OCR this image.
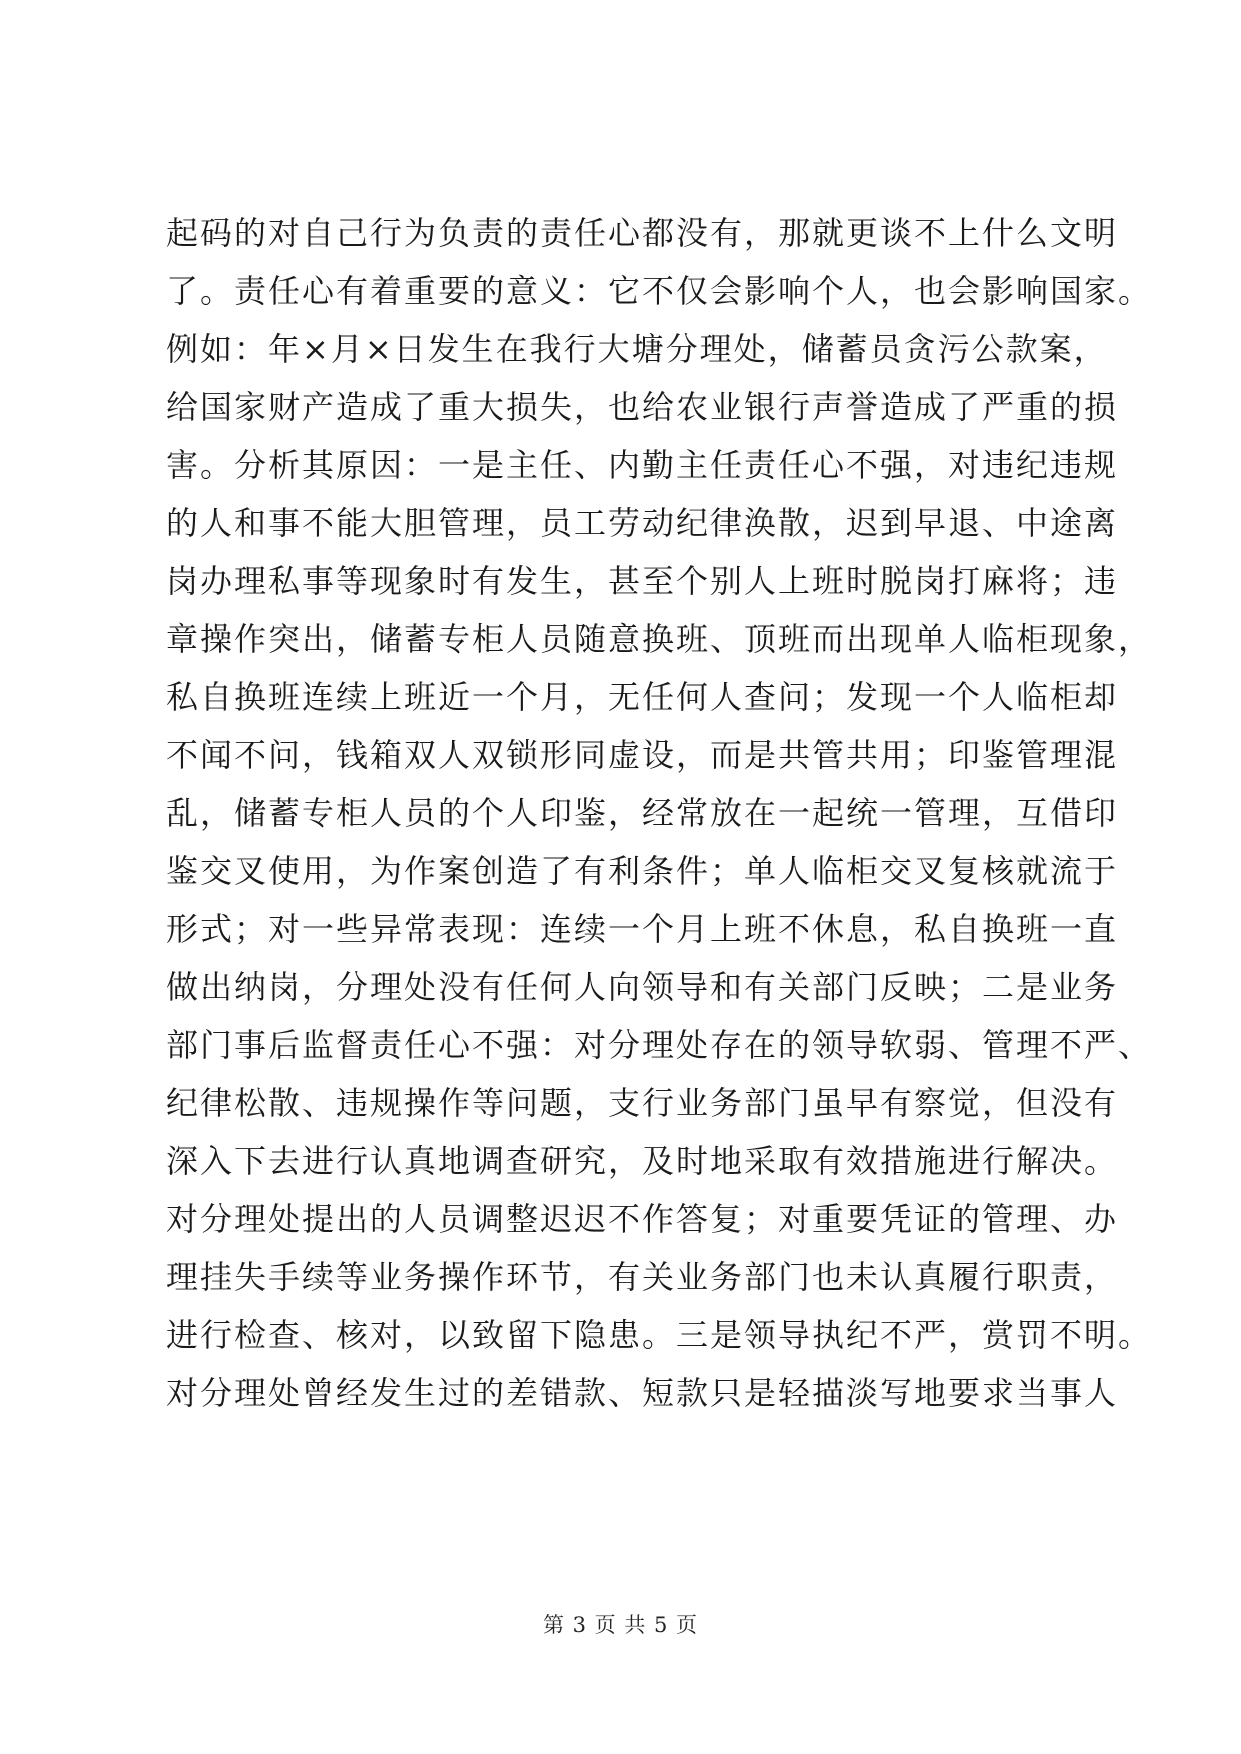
起码的对自己行为负责的责任心都没有，那就更谈不上什么文明
了。责任心有着重要的意义：它不仅会影响个人，也会影响国家。
例如：年×月×日发生在我行大塘分理处，储蓄员贪污公款案，
给国家财产造成了重大损失，也给农业银行声誉造成了严重的损
害。分析其原因：一是主任、内勤主任责任心不强，对违纪违规
的人和事不能大胆管理，员工劳动纪律涣散，迟到早退、中途离
岗办理私事等现象时有发生，甚至个别人上班时脱岗打麻将；违
章操作突出，储蓄专柜人员随意换班、顶班而出现单人临柜现象，
私自换班连续上班近一个月，无任何人查问；发现一个人临柜却
不闻不问，钱箱双人双锁形同虚设，而是共管共用；印鉴管理混
乱，储蓄专柜人员的个人印鉴，经常放在一起统一管理，互借印
鉴交叉使用，为作案创造了有利条件；单人临柜交叉复核就流于
形式；对一些异常表现：连续一个月上班不休息，私自换班一直
做出纳岗，分理处没有任何人向领导和有关部门反映；二是业务
部门事后监督责任心不强：对分理处存在的领导软弱、管理不严、
纪律松散、违规操作等问题，支行业务部门虽早有察觉，但没有
深入下去进行认真地调查研究，及时地采取有效措施进行解决。
对分理处提出的人员调整迟迟不作答复；对重要凭证的管理、办
理挂失手续等业务操作环节，有关业务部门也未认真履行职责，
进行检查、核对，以致留下隐患。三是领导执纪不严，赏罚不明。
对分理处曾经发生过的差错款、短款只是轻描淡写地要求当事人
第 3 页 共 5 页
